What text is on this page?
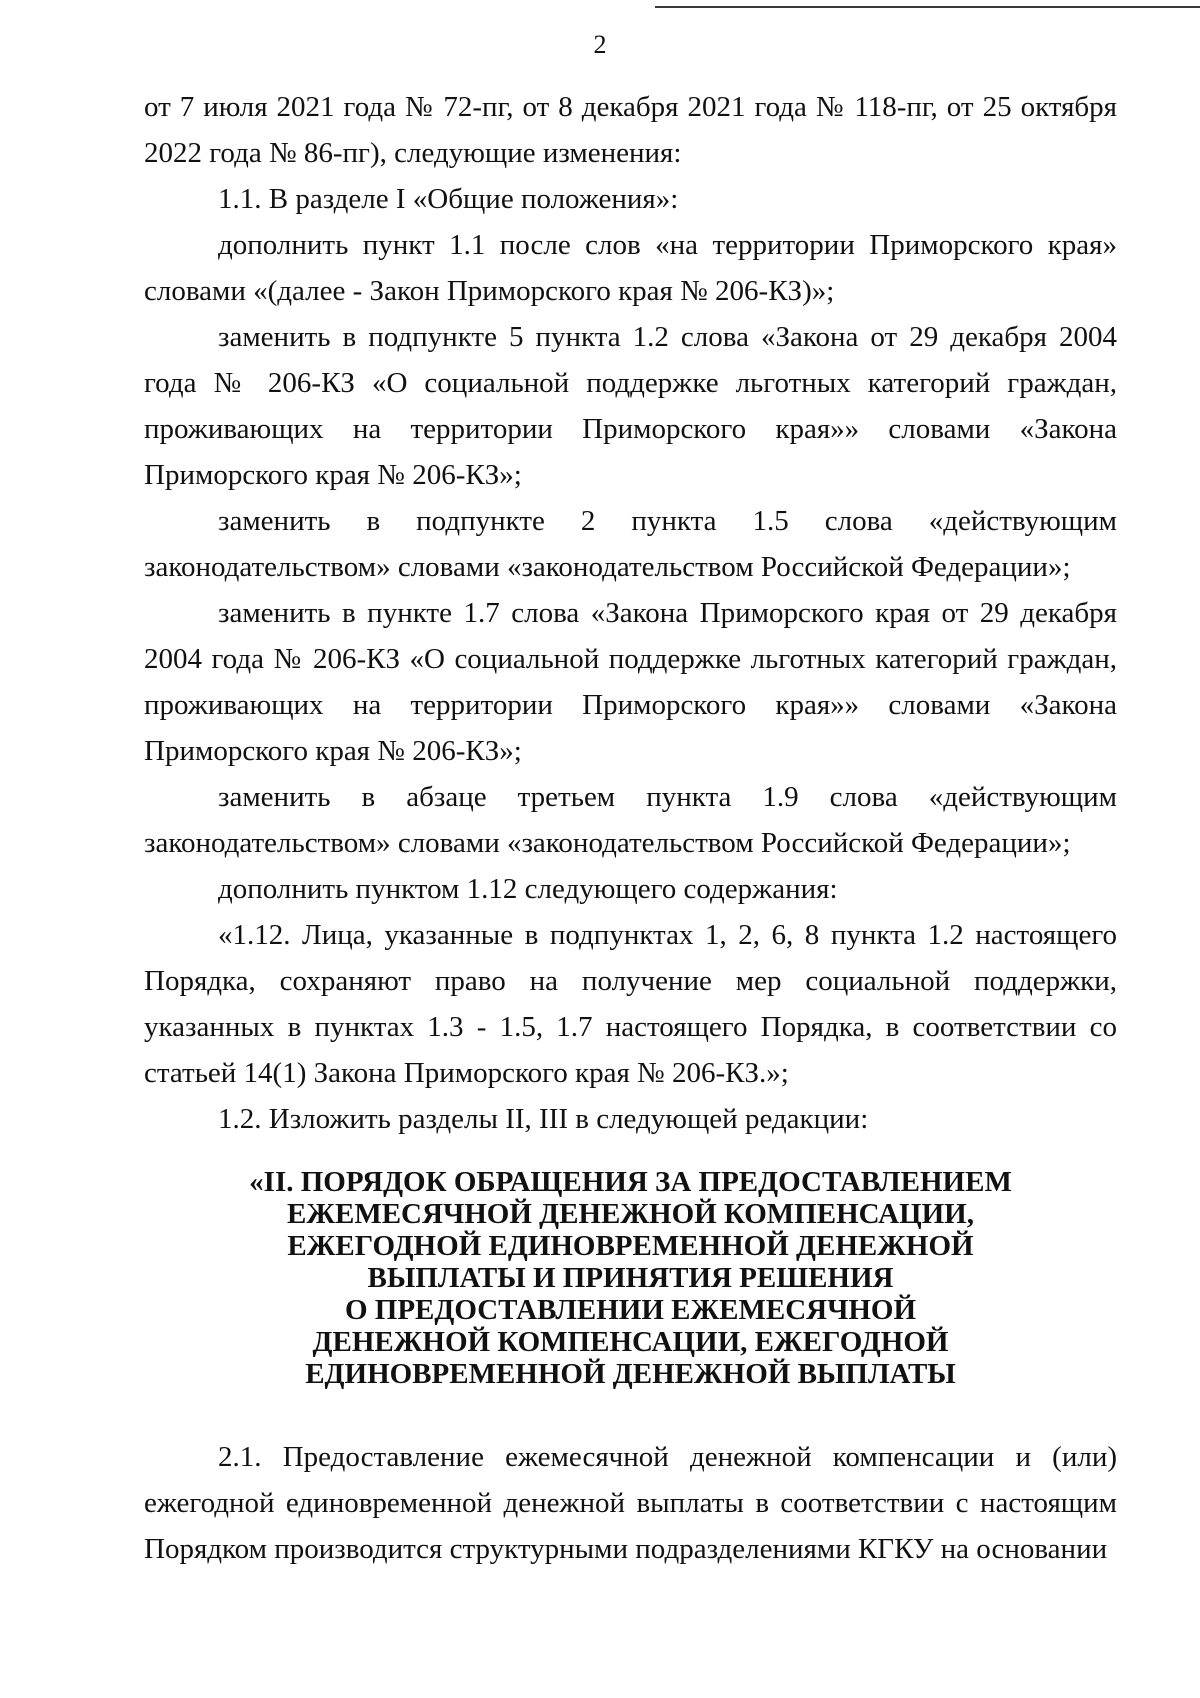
2

от 7 июля 2021 года № 72-пг, от 8 декабря 2021 года № 118-пг, от 25 октября 2022 года № 86-пг), следующие изменения:

1.1. В разделе I «Общие положения»:

дополнить пункт 1.1 после слов «на территории Приморского края» словами «(далее - Закон Приморского края № 206-КЗ)»;

заменить в подпункте 5 пункта 1.2 слова «Закона от 29 декабря 2004 года № 206-КЗ «О социальной поддержке льготных категорий граждан, проживающих на территории Приморского края»» словами «Закона Приморского края № 206-КЗ»;

заменить в подпункте 2 пункта 1.5 слова «действующим законодательством» словами «законодательством Российской Федерации»;

заменить в пункте 1.7 слова «Закона Приморского края от 29 декабря 2004 года № 206-КЗ «О социальной поддержке льготных категорий граждан, проживающих на территории Приморского края»» словами «Закона Приморского края № 206-КЗ»;

заменить в абзаце третьем пункта 1.9 слова «действующим законодательством» словами «законодательством Российской Федерации»;

дополнить пунктом 1.12 следующего содержания:

«1.12. Лица, указанные в подпунктах 1, 2, 6, 8 пункта 1.2 настоящего Порядка, сохраняют право на получение мер социальной поддержки, указанных в пунктах 1.3 - 1.5, 1.7 настоящего Порядка, в соответствии со статьей 14(1) Закона Приморского края № 206-КЗ.»;

1.2. Изложить разделы II, III в следующей редакции:

«II. ПОРЯДОК ОБРАЩЕНИЯ ЗА ПРЕДОСТАВЛЕНИЕМ
ЕЖЕМЕСЯЧНОЙ ДЕНЕЖНОЙ КОМПЕНСАЦИИ,
ЕЖЕГОДНОЙ ЕДИНОВРЕМЕННОЙ ДЕНЕЖНОЙ
ВЫПЛАТЫ И ПРИНЯТИЯ РЕШЕНИЯ
О ПРЕДОСТАВЛЕНИИ ЕЖЕМЕСЯЧНОЙ
ДЕНЕЖНОЙ КОМПЕНСАЦИИ, ЕЖЕГОДНОЙ
ЕДИНОВРЕМЕННОЙ ДЕНЕЖНОЙ ВЫПЛАТЫ

2.1. Предоставление ежемесячной денежной компенсации и (или) ежегодной единовременной денежной выплаты в соответствии с настоящим Порядком производится структурными подразделениями КГКУ на основании
